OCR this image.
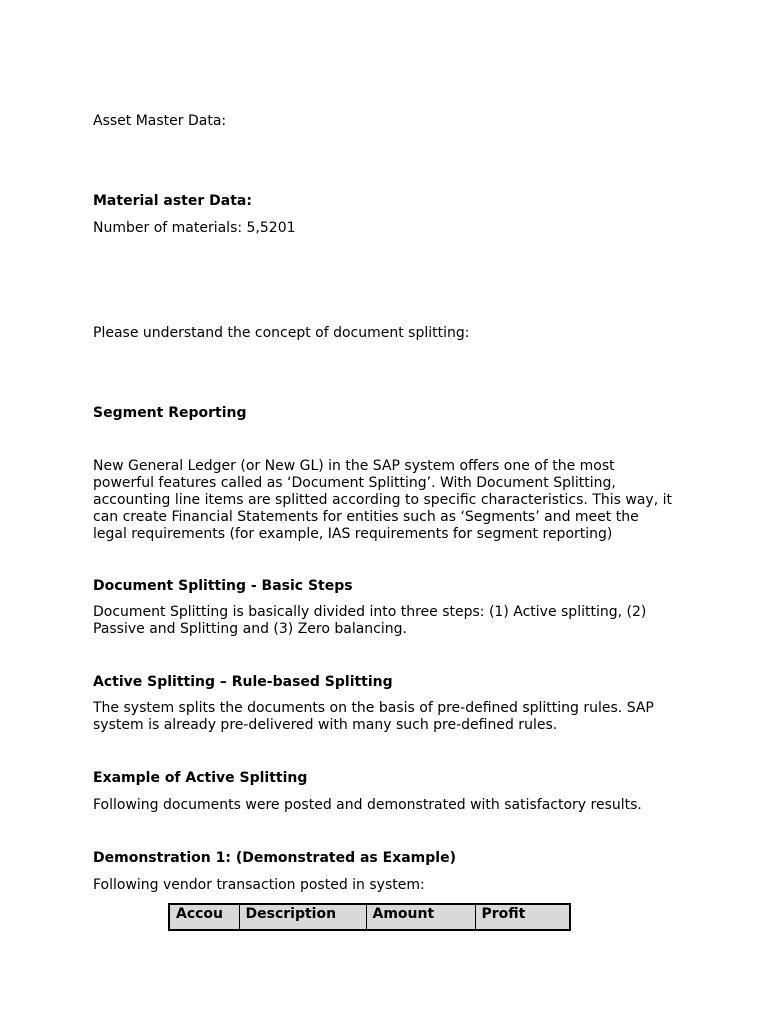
Asset Master Data:

Material aster Data:

Number of materials: 5,5201

Please understand the concept of document splitting:

Segment Reporting

New General Ledger (or New GL) in the SAP system offers one of the most powerful features called as ‘Document Splitting’. With Document Splitting, accounting line items are splitted according to specific characteristics. This way, it can create Financial Statements for entities such as ‘Segments’ and meet the legal requirements (for example, IAS requirements for segment reporting)

Document Splitting - Basic Steps

Document Splitting is basically divided into three steps: (1) Active splitting, (2) Passive and Splitting and (3) Zero balancing.

Active Splitting – Rule-based Splitting

The system splits the documents on the basis of pre-defined splitting rules. SAP system is already pre-delivered with many such pre-defined rules.

Example of Active Splitting

Following documents were posted and demonstrated with satisfactory results.

Demonstration 1: (Demonstrated as Example)

Following vendor transaction posted in system:

Accou	Description	Amount	Profit
